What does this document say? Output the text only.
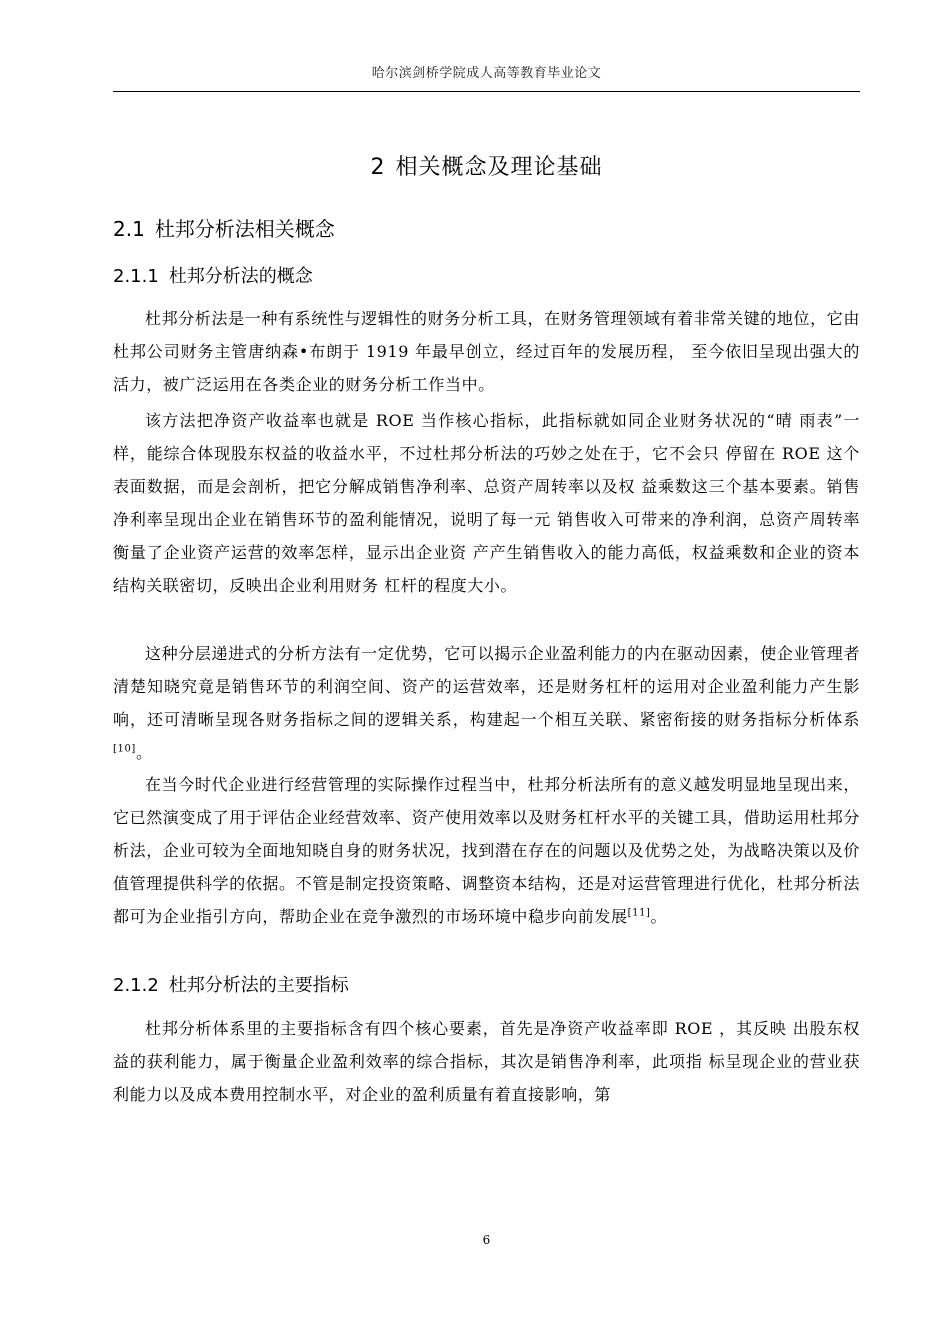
哈尔滨剑桥学院成人高等教育毕业论文
2 相关概念及理论基础
2.1 杜邦分析法相关概念
2.1.1 杜邦分析法的概念

杜邦分析法是一种有系统性与逻辑性的财务分析工具，在财务管理领域有着非常关键的地位，它由杜邦公司财务主管唐纳森•布朗于 1919 年最早创立，经过百年的发展历程， 至今依旧呈现出强大的活力，被广泛运用在各类企业的财务分析工作当中。

该方法把净资产收益率也就是 ROE 当作核心指标，此指标就如同企业财务状况的“晴 雨表”一样，能综合体现股东权益的收益水平，不过杜邦分析法的巧妙之处在于，它不会只 停留在 ROE 这个表面数据，而是会剖析，把它分解成销售净利率、总资产周转率以及权 益乘数这三个基本要素。销售净利率呈现出企业在销售环节的盈利能情况，说明了每一元 销售收入可带来的净利润，总资产周转率衡量了企业资产运营的效率怎样，显示出企业资 产产生销售收入的能力高低，权益乘数和企业的资本结构关联密切，反映出企业利用财务 杠杆的程度大小。

这种分层递进式的分析方法有一定优势，它可以揭示企业盈利能力的内在驱动因素，使企业管理者清楚知晓究竟是销售环节的利润空间、资产的运营效率，还是财务杠杆的运用对企业盈利能力产生影响，还可清晰呈现各财务指标之间的逻辑关系，构建起一个相互关联、紧密衔接的财务指标分析体系[10]。

在当今时代企业进行经营管理的实际操作过程当中，杜邦分析法所有的意义越发明显地呈现出来，它已然演变成了用于评估企业经营效率、资产使用效率以及财务杠杆水平的关键工具，借助运用杜邦分析法，企业可较为全面地知晓自身的财务状况，找到潜在存在的问题以及优势之处，为战略决策以及价值管理提供科学的依据。不管是制定投资策略、调整资本结构，还是对运营管理进行优化，杜邦分析法都可为企业指引方向，帮助企业在竞争激烈的市场环境中稳步向前发展[11]。

2.1.2 杜邦分析法的主要指标

杜邦分析体系里的主要指标含有四个核心要素，首先是净资产收益率即 ROE ，其反映 出股东权益的获利能力，属于衡量企业盈利效率的综合指标，其次是销售净利率，此项指 标呈现企业的营业获利能力以及成本费用控制水平，对企业的盈利质量有着直接影响，第

6
